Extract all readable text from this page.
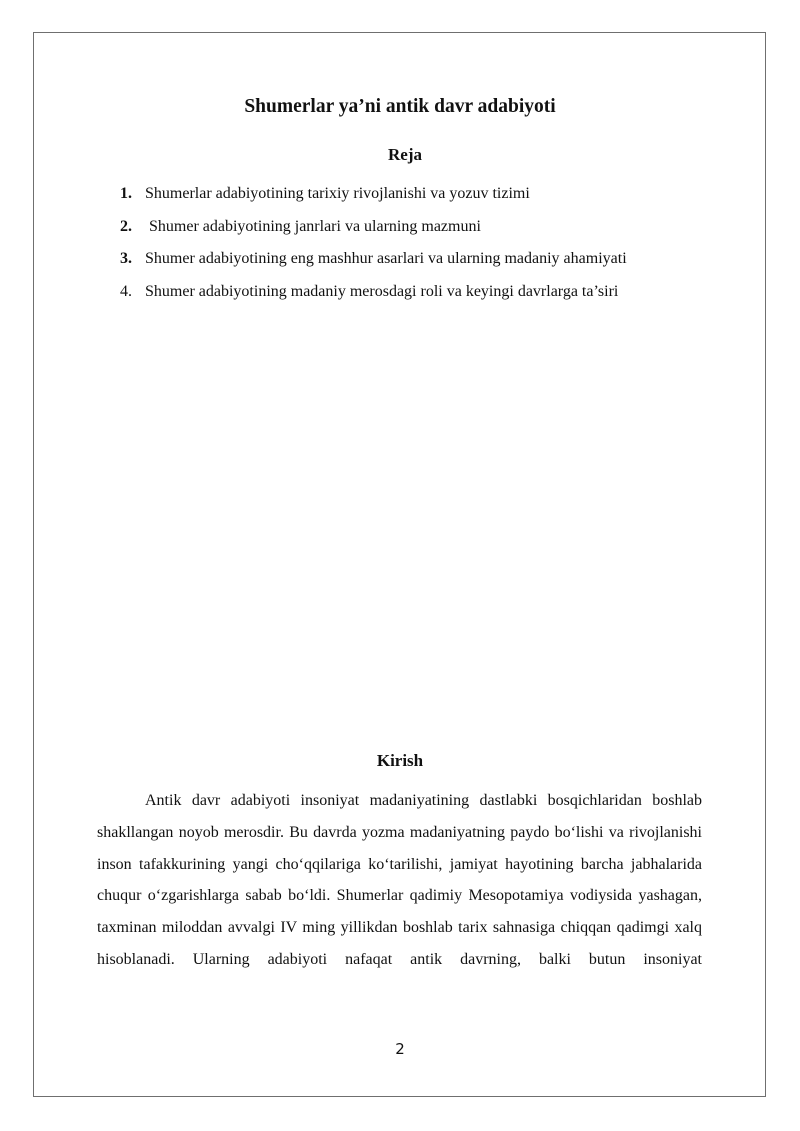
Shumerlar ya’ni antik davr adabiyoti
Reja
1. Shumerlar adabiyotining tarixiy rivojlanishi va yozuv tizimi
2. Shumer adabiyotining janrlari va ularning mazmuni
3. Shumer adabiyotining eng mashhur asarlari va ularning madaniy ahamiyati
4. Shumer adabiyotining madaniy merosdagi roli va keyingi davrlarga ta’siri
Kirish

Antik davr adabiyoti insoniyat madaniyatining dastlabki bosqichlaridan boshlab shakllangan noyob merosdir. Bu davrda yozma madaniyatning paydo bo‘lishi va rivojlanishi inson tafakkurining yangi cho‘qqilariga ko‘tarilishi, jamiyat hayotining barcha jabhalarida chuqur o‘zgarishlarga sabab bo‘ldi. Shumerlar qadimiy Mesopotamiya vodiysida yashagan, taxminan miloddan avvalgi IV ming yillikdan boshlab tarix sahnasiga chiqqan qadimgi xalq hisoblanadi. Ularning adabiyoti nafaqat antik davrning, balki butun insoniyat

2
